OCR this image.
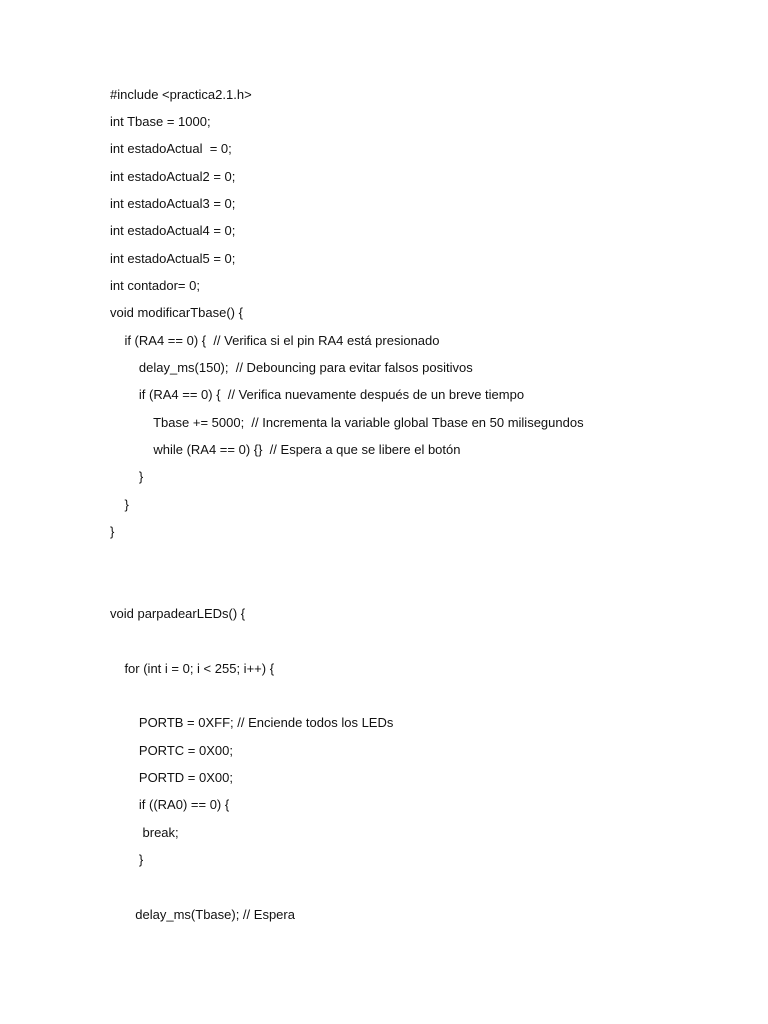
#include <practica2.1.h>
int Tbase = 1000;
int estadoActual  = 0;
int estadoActual2 = 0;
int estadoActual3 = 0;
int estadoActual4 = 0;
int estadoActual5 = 0;
int contador= 0;
void modificarTbase() {
if (RA4 == 0) {  // Verifica si el pin RA4 está presionado
delay_ms(150);  // Debouncing para evitar falsos positivos
if (RA4 == 0) {  // Verifica nuevamente después de un breve tiempo
Tbase += 5000;  // Incrementa la variable global Tbase en 50 milisegundos
while (RA4 == 0) {}  // Espera a que se libere el botón
}
}
}
void parpadearLEDs() {
for (int i = 0; i < 255; i++) {
PORTB = 0XFF; // Enciende todos los LEDs
PORTC = 0X00;
PORTD = 0X00;
if ((RA0) == 0) {
break;
}
delay_ms(Tbase); // Espera
